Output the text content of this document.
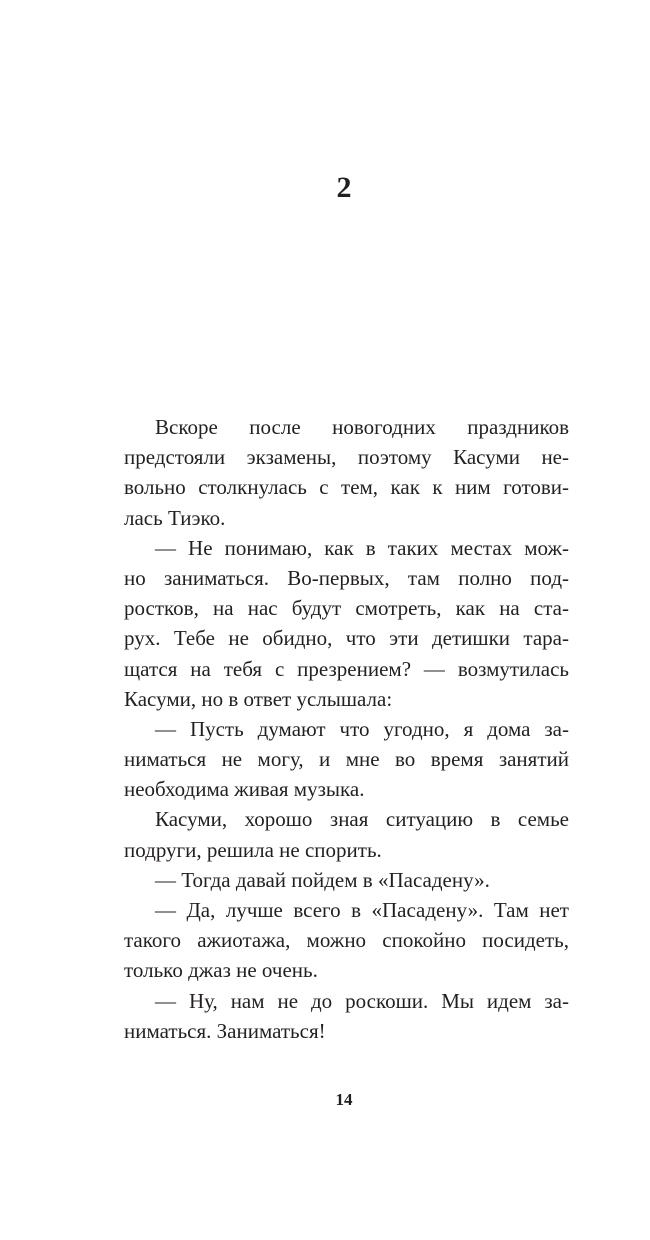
2
Вскоре после новогодних праздников
предстояли экзамены, поэтому Касуми не-
вольно столкнулась с тем, как к ним готови-
лась Тиэко.
— Не понимаю, как в таких местах мож-
но заниматься. Во-первых, там полно под-
ростков, на нас будут смотреть, как на ста-
рух. Тебе не обидно, что эти детишки тара-
щатся на тебя с презрением? — возмутилась
Касуми, но в ответ услышала:
— Пусть думают что угодно, я дома за-
ниматься не могу, и мне во время занятий
необходима живая музыка.
Касуми, хорошо зная ситуацию в семье
подруги, решила не спорить.
— Тогда давай пойдем в «Пасадену».
— Да, лучше всего в «Пасадену». Там нет
такого ажиотажа, можно спокойно посидеть,
только джаз не очень.
— Ну, нам не до роскоши. Мы идем за-
ниматься. Заниматься!
14
